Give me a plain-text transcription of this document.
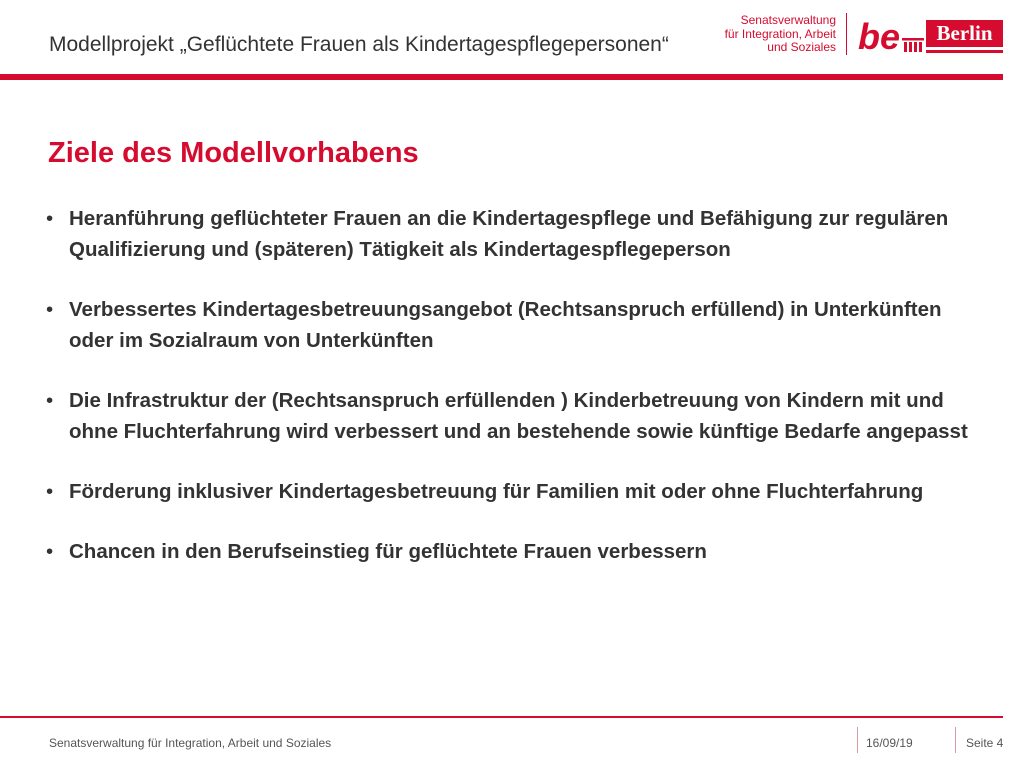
Modellprojekt „Geflüchtete Frauen als Kindertagespflegepersonen“
Senatsverwaltung
für Integration, Arbeit
und Soziales be	Berlin
Ziele des Modellvorhabens
• Heranführung geflüchteter Frauen an die Kindertagespflege und Befähigung zur regulären Qualifizierung und (späteren) Tätigkeit als Kindertagespflegeperson
• Verbessertes Kindertagesbetreuungsangebot (Rechtsanspruch erfüllend) in Unterkünften oder im Sozialraum von Unterkünften
• Die Infrastruktur der (Rechtsanspruch erfüllenden ) Kinderbetreuung von Kindern mit und ohne Fluchterfahrung wird verbessert und an bestehende sowie künftige Bedarfe angepasst
• Förderung inklusiver Kindertagesbetreuung für Familien mit oder ohne Fluchterfahrung
• Chancen in den Berufseinstieg für geflüchtete Frauen verbessern
Senatsverwaltung für Integration, Arbeit und Soziales	16/09/19	Seite 4
